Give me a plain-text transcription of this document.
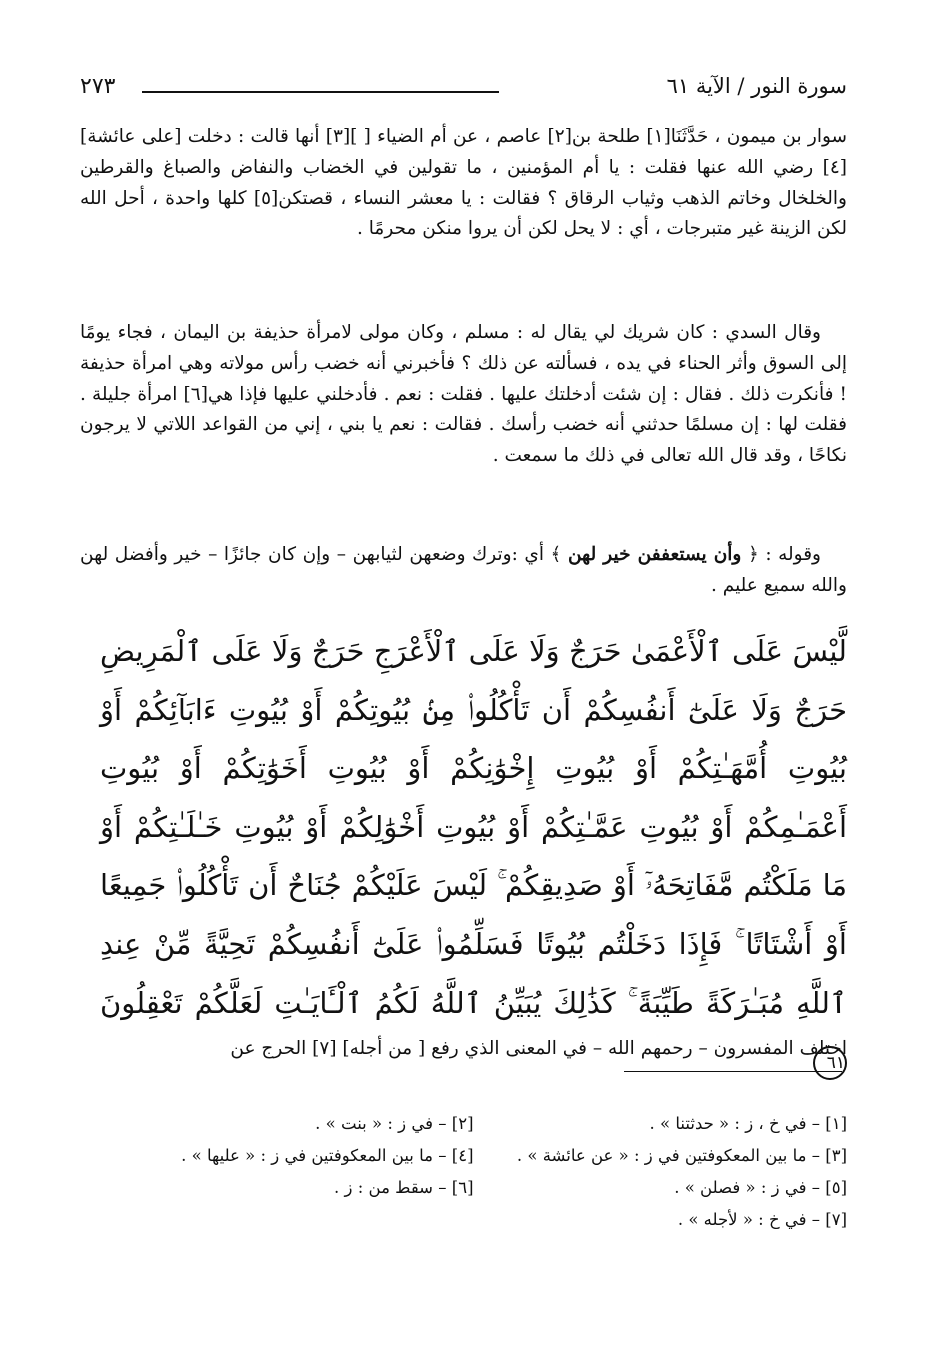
سورة النور / الآية ٦١
٢٧٣

سوار بن ميمون ، حَدَّثَنَا[١] طلحة بن[٢] عاصم ، عن أم الضياء [ ][٣] أنها قالت : دخلت [على عائشة][٤] رضي الله عنها فقلت : يا أم المؤمنين ، ما تقولين في الخضاب والنفاض والصباغ والقرطين والخلخال وخاتم الذهب وثياب الرقاق ؟ فقالت : يا معشر النساء ، قصتكن[٥] كلها واحدة ، أحل الله لكن الزينة غير متبرجات ، أي : لا يحل لكن أن يروا منكن محرمًا .

وقال السدي : كان شريك لي يقال له : مسلم ، وكان مولى لامرأة حذيفة بن اليمان ، فجاء يومًا إلى السوق وأثر الحناء في يده ، فسألته عن ذلك ؟ فأخبرني أنه خضب رأس مولاته وهي امرأة حذيفة ! فأنكرت ذلك . فقال : إن شئت أدخلتك عليها . فقلت : نعم . فأدخلني عليها فإذا هي[٦] امرأة جليلة . فقلت لها : إن مسلمًا حدثني أنه خضب رأسك . فقالت : نعم يا بني ، إني من القواعد اللاتي لا يرجون نكاحًا ، وقد قال الله تعالى في ذلك ما سمعت .

وقوله : ﴿ وأن يستعففن خير لهن ﴾ أي :وترك وضعهن لثيابهن – وإن كان جائزًا – خير وأفضل لهن والله سميع عليم .

لَّيْسَ عَلَى ٱلْأَعْمَىٰ حَرَجٌ وَلَا عَلَى ٱلْأَعْرَجِ حَرَجٌ وَلَا عَلَى ٱلْمَرِيضِ حَرَجٌ وَلَا عَلَىٰٓ أَنفُسِكُمْ أَن تَأْكُلُوا۟ مِنۢ بُيُوتِكُمْ أَوْ بُيُوتِ ءَابَآئِكُمْ أَوْ بُيُوتِ أُمَّهَـٰتِكُمْ أَوْ بُيُوتِ إِخْوَٰنِكُمْ أَوْ بُيُوتِ أَخَوَٰتِكُمْ أَوْ بُيُوتِ أَعْمَـٰمِكُمْ أَوْ بُيُوتِ عَمَّـٰتِكُمْ أَوْ بُيُوتِ أَخْوَٰلِكُمْ أَوْ بُيُوتِ خَـٰلَـٰتِكُمْ أَوْ مَا مَلَكْتُم مَّفَاتِحَهُۥٓ أَوْ صَدِيقِكُمْ ۚ لَيْسَ عَلَيْكُمْ جُنَاحٌ أَن تَأْكُلُوا۟ جَمِيعًا أَوْ أَشْتَاتًا ۚ فَإِذَا دَخَلْتُم بُيُوتًا فَسَلِّمُوا۟ عَلَىٰٓ أَنفُسِكُمْ تَحِيَّةً مِّنْ عِندِ ٱللَّهِ مُبَـٰرَكَةً طَيِّبَةً ۚ كَذَٰلِكَ يُبَيِّنُ ٱللَّهُ لَكُمُ ٱلْـَٔايَـٰتِ لَعَلَّكُمْ تَعْقِلُونَ ٦١

اختلف المفسرون – رحمهم الله – في المعنى الذي رفع [ من أجله] [٧] الحرج عن

[١] – في خ ، ز : « حدثتنا » .
[٢] – في ز : « بنت » .
[٣] – ما بين المعكوفتين في ز : « عن عائشة » .
[٤] – ما بين المعكوفتين في ز : « عليها » .
[٥] – في ز : « فصلن » .
[٦] – سقط من : ز .
[٧] – في خ : « لأجله » .
